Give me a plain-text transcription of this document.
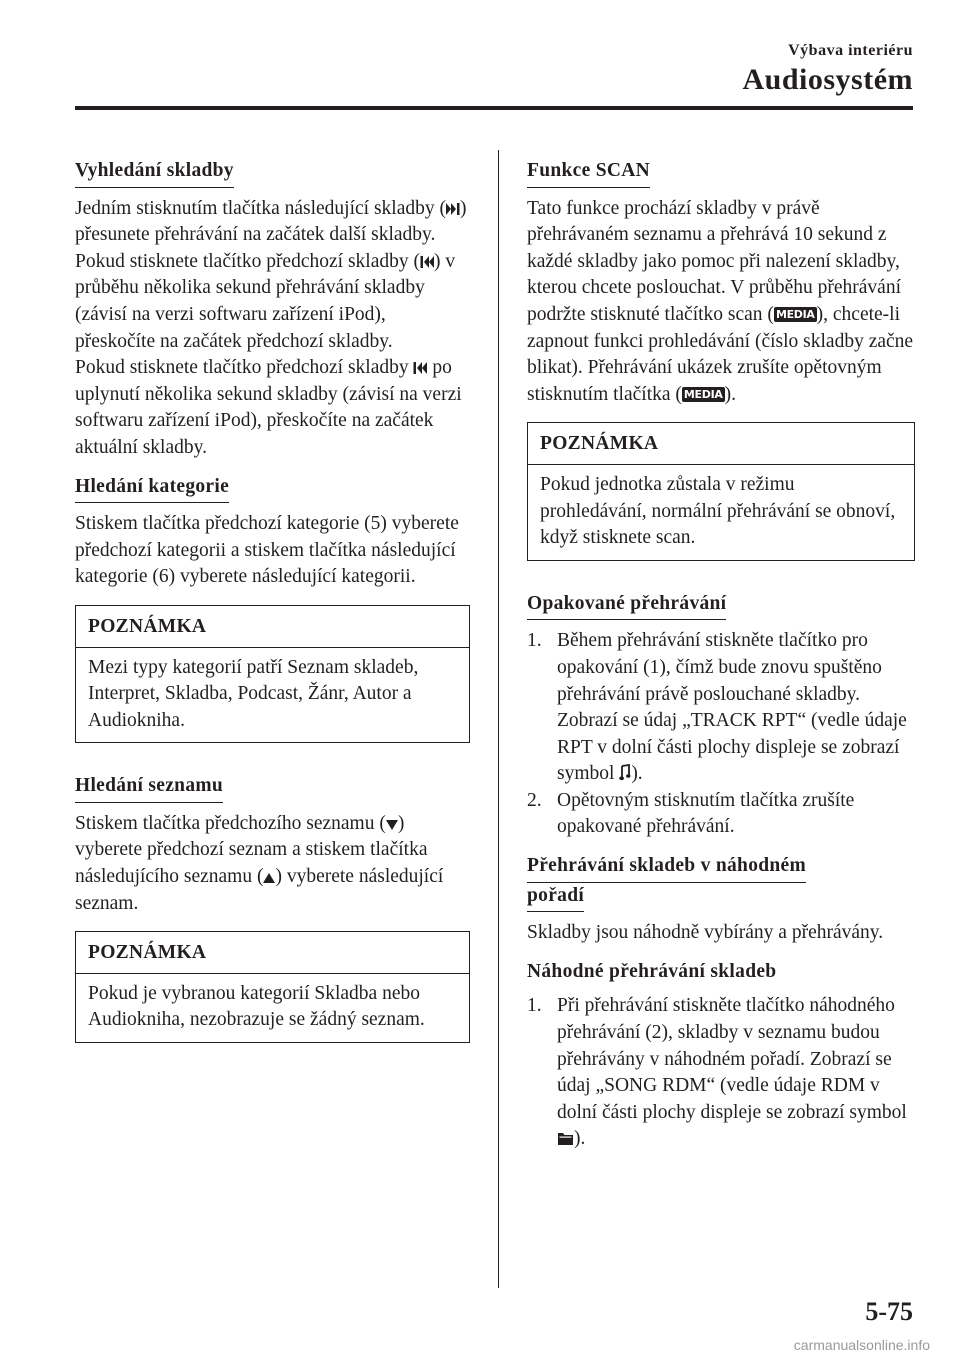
Výbava interiéru
Audiosystém
Vyhledání skladby

Jedním stisknutím tlačítka následující skladby ( ) přesunete přehrávání na začátek další skladby.
Pokud stisknete tlačítko předchozí skladby ( ) v průběhu několika sekund přehrávání skladby (závisí na verzi softwaru zařízení iPod), přeskočíte na začátek předchozí skladby.
Pokud stisknete tlačítko předchozí skladby  po uplynutí několika sekund skladby (závisí na verzi softwaru zařízení iPod), přeskočíte na začátek aktuální skladby.

Hledání kategorie

Stiskem tlačítka předchozí kategorie (5) vyberete předchozí kategorii a stiskem tlačítka následující kategorie (6) vyberete následující kategorii.

POZNÁMKA
Mezi typy kategorií patří Seznam skladeb, Interpret, Skladba, Podcast, Žánr, Autor a Audiokniha.
Hledání seznamu

Stiskem tlačítka předchozího seznamu ( ) vyberete předchozí seznam a stiskem tlačítka následujícího seznamu ( ) vyberete následující seznam.

POZNÁMKA
Pokud je vybranou kategorií Skladba nebo Audiokniha, nezobrazuje se žádný seznam.
Funkce SCAN

Tato funkce prochází skladby v právě přehrávaném seznamu a přehrává 10 sekund z každé skladby jako pomoc při nalezení skladby, kterou chcete poslouchat. V průběhu přehrávání podržte stisknuté tlačítko scan ( MEDIA ), chcete-li zapnout funkci prohledávání (číslo skladby začne blikat). Přehrávání ukázek zrušíte opětovným stisknutím tlačítka ( MEDIA ).

POZNÁMKA
Pokud jednotka zůstala v režimu prohledávání, normální přehrávání se obnoví, když stisknete scan.
Opakované přehrávání
1. Během přehrávání stiskněte tlačítko pro opakování (1), čímž bude znovu spuštěno přehrávání právě poslouchané skladby. Zobrazí se údaj „TRACK RPT“ (vedle údaje RPT v dolní části plochy displeje se zobrazí symbol ).
2. Opětovným stisknutím tlačítka zrušíte opakované přehrávání.
Přehrávání skladeb v náhodném
pořadí

Skladby jsou náhodně vybírány a přehrávány.

Náhodné přehrávání skladeb
1. Při přehrávání stiskněte tlačítko náhodného přehrávání (2), skladby v seznamu budou přehrávány v náhodném pořadí. Zobrazí se údaj „SONG RDM“ (vedle údaje RDM v dolní části plochy displeje se zobrazí symbol ).
5-75
carmanualsonline.info
